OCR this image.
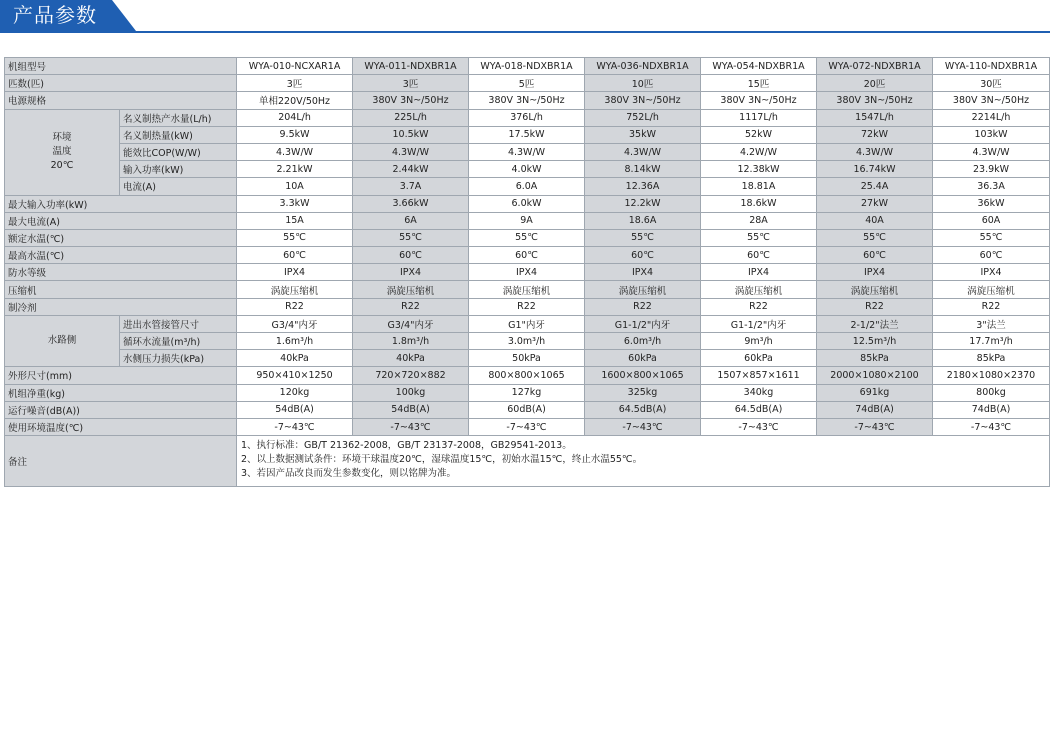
产品参数
机组型号		WYA-010-NCXAR1A	WYA-011-NDXBR1A	WYA-018-NDXBR1A	WYA-036-NDXBR1A	WYA-054-NDXBR1A	WYA-072-NDXBR1A	WYA-110-NDXBR1A
匹数(匹)		3匹	3匹	5匹	10匹	15匹	20匹	30匹
电源规格		单相220V/50Hz	380V 3N~/50Hz	380V 3N~/50Hz	380V 3N~/50Hz	380V 3N~/50Hz	380V 3N~/50Hz	380V 3N~/50Hz

环境
温度
20℃	名义制热产水量(L/h)	204L/h	225L/h	376L/h	752L/h	1117L/h	1547L/h	2214L/h
	名义制热量(kW)	9.5kW	10.5kW	17.5kW	35kW	52kW	72kW	103kW
	能效比COP(W/W)	4.3W/W	4.3W/W	4.3W/W	4.3W/W	4.2W/W	4.3W/W	4.3W/W
	输入功率(kW)	2.21kW	2.44kW	4.0kW	8.14kW	12.38kW	16.74kW	23.9kW
	电流(A)	10A	3.7A	6.0A	12.36A	18.81A	25.4A	36.3A
最大输入功率(kW)		3.3kW	3.66kW	6.0kW	12.2kW	18.6kW	27kW	36kW
最大电流(A)		15A	6A	9A	18.6A	28A	40A	60A
额定水温(℃)		55℃	55℃	55℃	55℃	55℃	55℃	55℃
最高水温(℃)		60℃	60℃	60℃	60℃	60℃	60℃	60℃
防水等级		IPX4	IPX4	IPX4	IPX4	IPX4	IPX4	IPX4
压缩机		涡旋压缩机	涡旋压缩机	涡旋压缩机	涡旋压缩机	涡旋压缩机	涡旋压缩机	涡旋压缩机
制冷剂		R22	R22	R22	R22	R22	R22	R22
水路侧	进出水管接管尺寸	G3/4"内牙	G3/4"内牙	G1"内牙	G1-1/2"内牙	G1-1/2"内牙	2-1/2"法兰	3"法兰
	循环水流量(m³/h)	1.6m³/h	1.8m³/h	3.0m³/h	6.0m³/h	9m³/h	12.5m³/h	17.7m³/h
	水侧压力损失(kPa)	40kPa	40kPa	50kPa	60kPa	60kPa	85kPa	85kPa
外形尺寸(mm)		950×410×1250	720×720×882	800×800×1065	1600×800×1065	1507×857×1611	2000×1080×2100	2180×1080×2370
机组净重(kg)		120kg	100kg	127kg	325kg	340kg	691kg	800kg
运行噪音(dB(A))		54dB(A)	54dB(A)	60dB(A)	64.5dB(A)	64.5dB(A)	74dB(A)	74dB(A)
使用环境温度(℃)		-7~43℃	-7~43℃	-7~43℃	-7~43℃	-7~43℃	-7~43℃	-7~43℃
备注		1、执行标准：GB/T 21362-2008，GB/T 23137-2008，GB29541-2013。
2、以上数据测试条件：环境干球温度20℃，湿球温度15℃，初始水温15℃，终止水温55℃。
3、若因产品改良而发生参数变化，则以铭牌为准。						
